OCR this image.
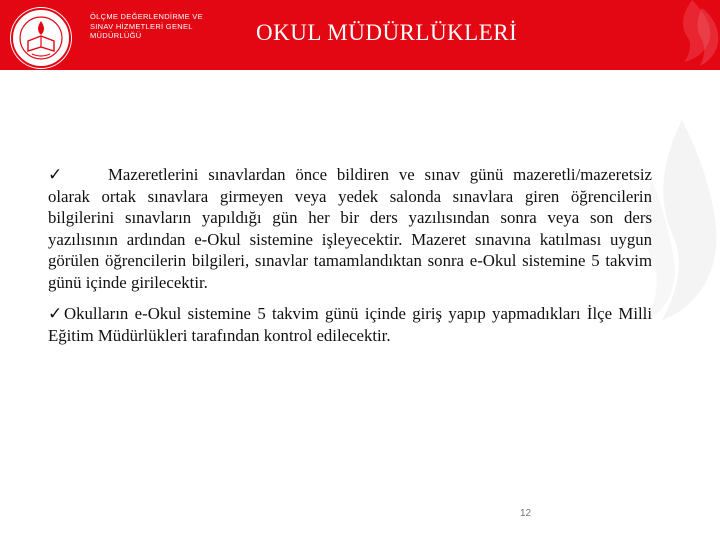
ÖLÇME DEĞERLENDİRME VE
SINAV HİZMETLERİ GENEL
MÜDÜRLÜĞÜ	OKUL MÜDÜRLÜKLERİ

✓	Mazeretlerini sınavlardan önce bildiren ve sınav günü mazeretli/mazeretsiz olarak ortak sınavlara girmeyen veya yedek salonda sınavlara giren öğrencilerin bilgilerini sınavların yapıldığı gün her bir ders yazılısından sonra veya son ders yazılısının ardından e-Okul sistemine işleyecektir. Mazeret sınavına katılması uygun görülen öğrencilerin bilgileri, sınavlar tamamlandıktan sonra e-Okul sistemine 5 takvim günü içinde girilecektir.

✓ Okulların e-Okul sistemine 5 takvim günü içinde giriş yapıp yapmadıkları İlçe Milli Eğitim Müdürlükleri tarafından kontrol edilecektir.

12
